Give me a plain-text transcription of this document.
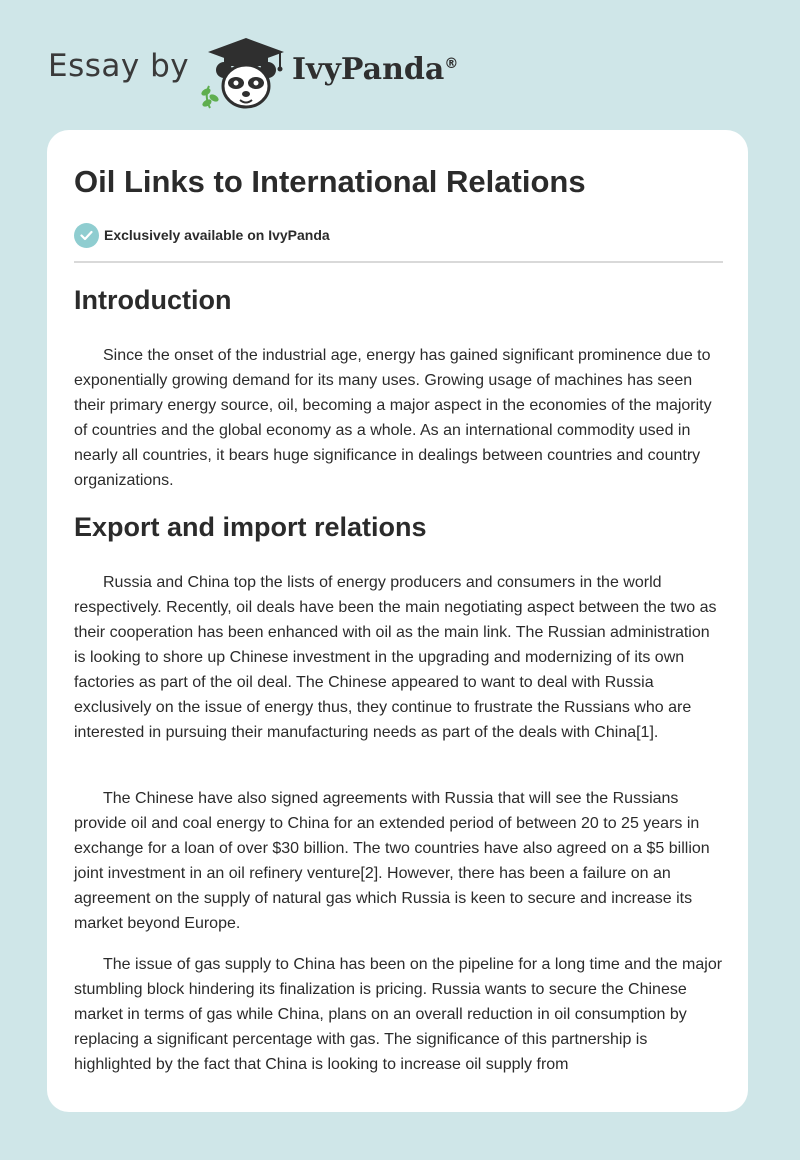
Essay by	IvyPanda®
Oil Links to International Relations
Exclusively available on IvyPanda
Introduction

Since the onset of the industrial age, energy has gained significant prominence due to exponentially growing demand for its many uses. Growing usage of machines has seen their primary energy source, oil, becoming a major aspect in the economies of the majority of countries and the global economy as a whole. As an international commodity used in nearly all countries, it bears huge significance in dealings between countries and country organizations.

Export and import relations

Russia and China top the lists of energy producers and consumers in the world respectively. Recently, oil deals have been the main negotiating aspect between the two as their cooperation has been enhanced with oil as the main link. The Russian administration is looking to shore up Chinese investment in the upgrading and modernizing of its own factories as part of the oil deal. The Chinese appeared to want to deal with Russia exclusively on the issue of energy thus, they continue to frustrate the Russians who are interested in pursuing their manufacturing needs as part of the deals with China[1].

The Chinese have also signed agreements with Russia that will see the Russians provide oil and coal energy to China for an extended period of between 20 to 25 years in exchange for a loan of over $30 billion. The two countries have also agreed on a $5 billion joint investment in an oil refinery venture[2]. However, there has been a failure on an agreement on the supply of natural gas which Russia is keen to secure and increase its market beyond Europe.

The issue of gas supply to China has been on the pipeline for a long time and the major stumbling block hindering its finalization is pricing. Russia wants to secure the Chinese market in terms of gas while China, plans on an overall reduction in oil consumption by replacing a significant percentage with gas. The significance of this partnership is highlighted by the fact that China is looking to increase oil supply from
